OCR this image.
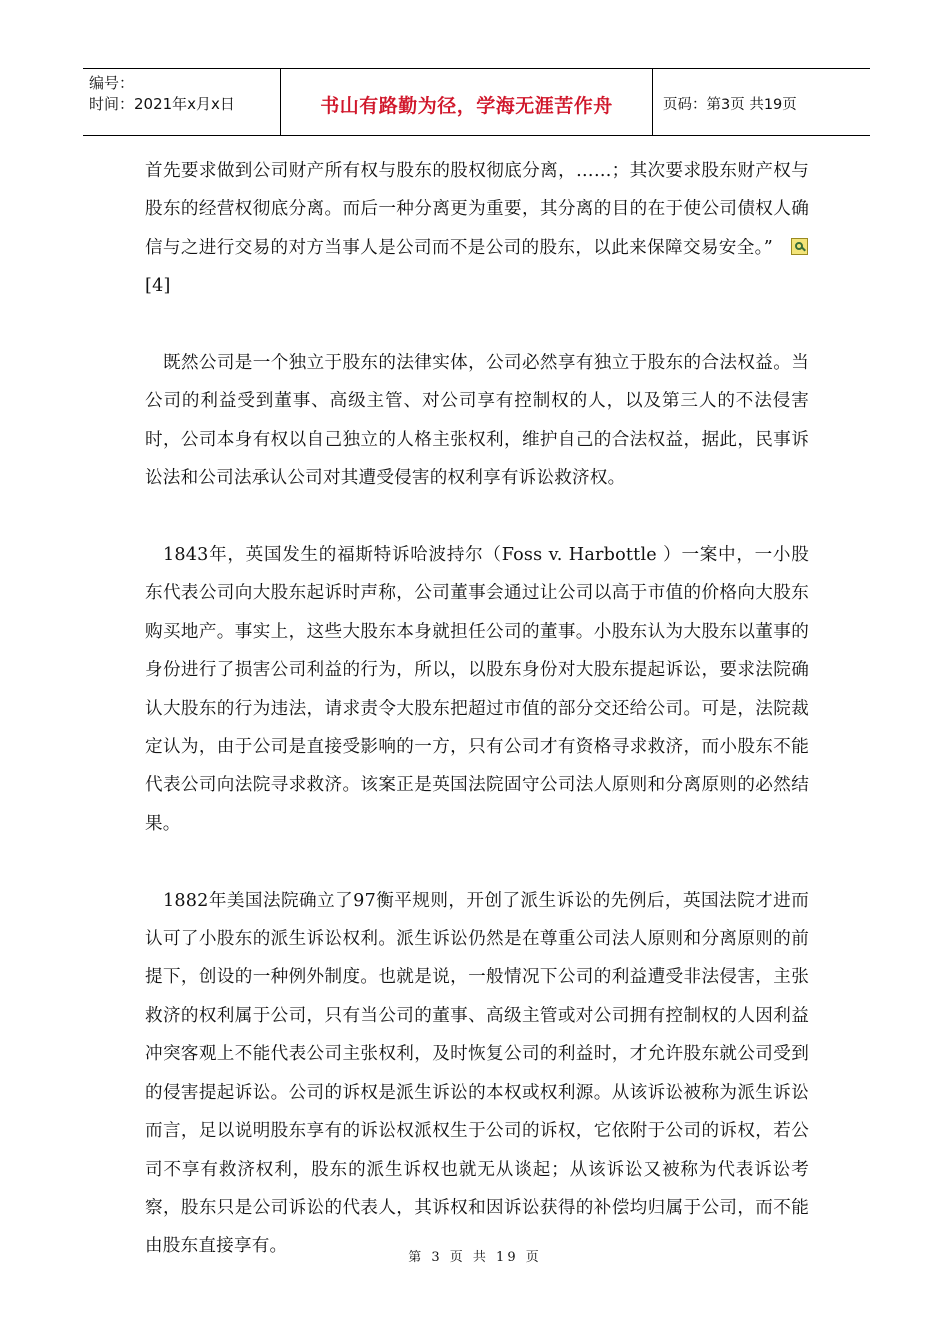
编号：
时间：2021年x月x日	书山有路勤为径，学海无涯苦作舟	页码：第3页 共19页

首先要求做到公司财产所有权与股东的股权彻底分离，……；其次要求股东财产权与股东的经营权彻底分离。而后一种分离更为重要，其分离的目的在于使公司债权人确信与之进行交易的对方当事人是公司而不是公司的股东，以此来保障交易安全。”[4]

既然公司是一个独立于股东的法律实体，公司必然享有独立于股东的合法权益。当公司的利益受到董事、高级主管、对公司享有控制权的人，以及第三人的不法侵害时，公司本身有权以自己独立的人格主张权利，维护自己的合法权益，据此，民事诉讼法和公司法承认公司对其遭受侵害的权利享有诉讼救济权。

1843年，英国发生的福斯特诉哈波持尔（Foss v. Harbottle ）一案中，一小股东代表公司向大股东起诉时声称，公司董事会通过让公司以高于市值的价格向大股东购买地产。事实上，这些大股东本身就担任公司的董事。小股东认为大股东以董事的身份进行了损害公司利益的行为，所以，以股东身份对大股东提起诉讼，要求法院确认大股东的行为违法，请求责令大股东把超过市值的部分交还给公司。可是，法院裁定认为，由于公司是直接受影响的一方，只有公司才有资格寻求救济，而小股东不能代表公司向法院寻求救济。该案正是英国法院固守公司法人原则和分离原则的必然结果。

1882年美国法院确立了97衡平规则，开创了派生诉讼的先例后，英国法院才进而认可了小股东的派生诉讼权利。派生诉讼仍然是在尊重公司法人原则和分离原则的前提下，创设的一种例外制度。也就是说，一般情况下公司的利益遭受非法侵害，主张救济的权利属于公司，只有当公司的董事、高级主管或对公司拥有控制权的人因利益冲突客观上不能代表公司主张权利，及时恢复公司的利益时，才允许股东就公司受到的侵害提起诉讼。公司的诉权是派生诉讼的本权或权利源。从该诉讼被称为派生诉讼而言，足以说明股东享有的诉讼权派权生于公司的诉权，它依附于公司的诉权，若公司不享有救济权利，股东的派生诉权也就无从谈起；从该诉讼又被称为代表诉讼考察，股东只是公司诉讼的代表人，其诉权和因诉讼获得的补偿均归属于公司，而不能由股东直接享有。

第 3 页 共 19 页
